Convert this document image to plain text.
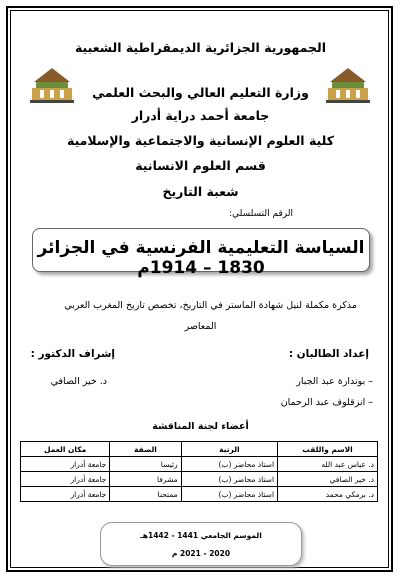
الجمهورية الجزائرية الديمقراطية الشعبية
وزارة التعليم العالي والبحث العلمي
جامعة أحمد دراية أدرار
كلية العلوم الإنسانية والاجتماعية والإسلامية
قسم العلوم الانسانية
شعبة التاريخ
الرقم التسلسلي:
السياسة التعليمية الفرنسية في الجزائر 1830 – 1914م
مذكرة مكملة لنيل شهادة الماستر في التاريخ، تخصص تاريخ المغرب العربي
المعاصر
إعداد الطالبان :
إشراف الدكتور :
– بوتدارة عبد الجبار
د. خير الصافي
– انزقلوف عبد الرحمان
أعضاء لجنة المناقشة
الاسم واللقب	الرتبة	الصفة	مكان العمل
د. عباس عبد الله	استاذ محاضر (ب)	رئيسا	جامعة أدرار
د. خير الصافي	استاذ محاضر (ب)	مشرفا	جامعة أدرار
د. برمكي محمد	استاذ محاضر (ب)	ممتحنا	جامعة أدرار
الموسم الجامعي 1441 - 1442هـ
2020 - 2021 م
